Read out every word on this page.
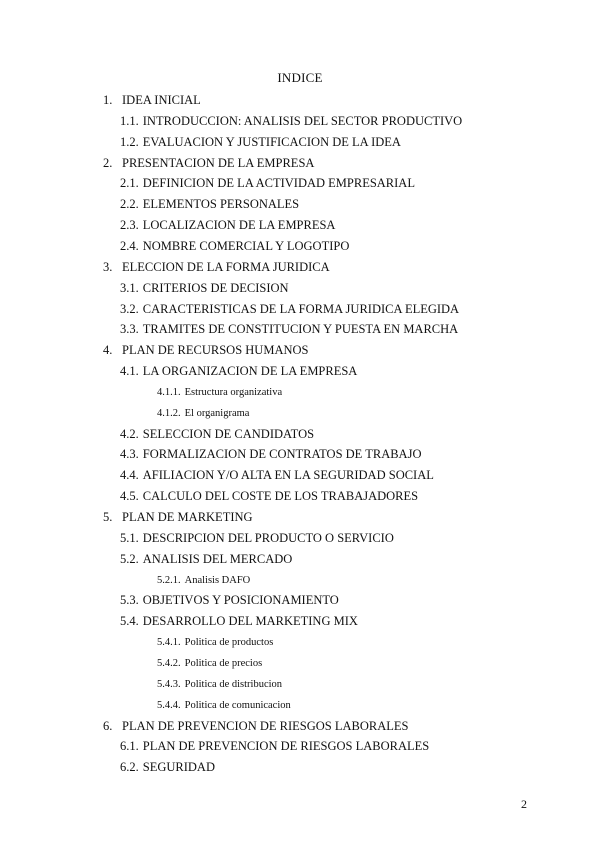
INDICE
1. IDEA INICIAL
1.1. INTRODUCCION: ANALISIS DEL SECTOR PRODUCTIVO
1.2. EVALUACION Y JUSTIFICACION DE LA IDEA
2. PRESENTACION DE LA EMPRESA
2.1. DEFINICION DE LA ACTIVIDAD EMPRESARIAL
2.2. ELEMENTOS PERSONALES
2.3. LOCALIZACION DE LA EMPRESA
2.4. NOMBRE COMERCIAL Y LOGOTIPO
3. ELECCION DE LA FORMA JURIDICA
3.1. CRITERIOS DE DECISION
3.2. CARACTERISTICAS DE LA FORMA JURIDICA ELEGIDA
3.3. TRAMITES DE CONSTITUCION Y PUESTA EN MARCHA
4. PLAN DE RECURSOS HUMANOS
4.1. LA ORGANIZACION DE LA EMPRESA
4.1.1. Estructura organizativa
4.1.2. El organigrama
4.2. SELECCION DE CANDIDATOS
4.3. FORMALIZACION DE CONTRATOS DE TRABAJO
4.4. AFILIACION Y/O ALTA EN LA SEGURIDAD SOCIAL
4.5. CALCULO DEL COSTE DE LOS TRABAJADORES
5. PLAN DE MARKETING
5.1. DESCRIPCION DEL PRODUCTO O SERVICIO
5.2. ANALISIS DEL MERCADO
5.2.1. Analisis DAFO
5.3. OBJETIVOS Y POSICIONAMIENTO
5.4. DESARROLLO DEL MARKETING MIX
5.4.1. Politica de productos
5.4.2. Politica de precios
5.4.3. Politica de distribucion
5.4.4. Politica de comunicacion
6. PLAN DE PREVENCION DE RIESGOS LABORALES
6.1. PLAN DE PREVENCION DE RIESGOS LABORALES
6.2. SEGURIDAD
2
